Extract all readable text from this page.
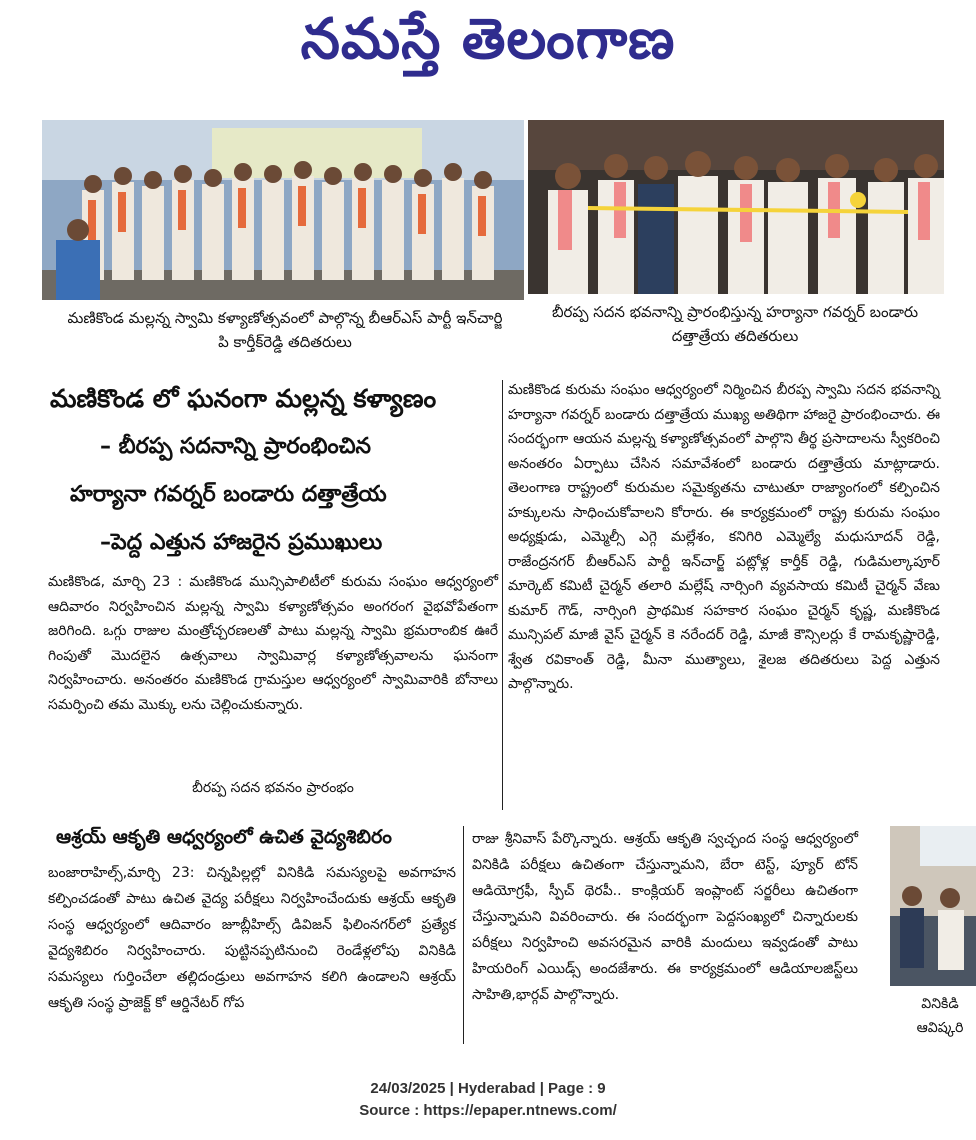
నమస్తే తెలంగాణ
మణికొండ మల్లన్న స్వామి కళ్యాణోత్సవంలో పాల్గొన్న బీఆర్ఎస్ పార్టీ ఇన్‌చార్జి పి కార్తీక్‌రెడ్డి తదితరులు
బీరప్ప సదన భవనాన్ని ప్రారంభిస్తున్న హర్యానా గవర్నర్ బండారు దత్తాత్రేయ తదితరులు
మణికొండ లో ఘనంగా మల్లన్న కళ్యాణం
– బీరప్ప సదనాన్ని ప్రారంభించిన
హర్యానా గవర్నర్ బండారు దత్తాత్రేయ
–పెద్ద ఎత్తున హాజరైన ప్రముఖులు
మణికొండ, మార్చి 23 : మణికొండ మున్సిపాలిటీలో కురుమ సంఘం ఆధ్వర్యంలో ఆదివారం నిర్వహించిన మల్లన్న స్వామి కళ్యాణోత్సవం అంగరంగ వైభవోపేతంగా జరిగింది. ఒగ్గు రాజుల మంత్రోచ్చరణలతో పాటు మల్లన్న స్వామి భ్రమరాంబిక ఊరే గింపుతో మొదలైన ఉత్సవాలు స్వామివార్ల కళ్యాణోత్సవాలను ఘనంగా నిర్వహించారు. అనంతరం మణికొండ గ్రామస్తుల ఆధ్వర్యంలో స్వామివారికి బోనాలు సమర్పించి తమ మొక్కు లను చెల్లించుకున్నారు.
బీరప్ప సదన భవనం ప్రారంభం
మణికొండ కురుమ సంఘం ఆధ్వర్యంలో నిర్మించిన బీరప్ప స్వామి సదన భవనాన్ని హర్యానా గవర్నర్ బండారు దత్తాత్రేయ ముఖ్య అతిథిగా హాజరై ప్రారంభించారు. ఈ సందర్భంగా ఆయన మల్లన్న కళ్యాణోత్సవంలో పాల్గొని తీర్థ ప్రసాదాలను స్వీకరించి అనంతరం ఏర్పాటు చేసిన సమావేశంలో బండారు దత్తాత్రేయ మాట్లాడారు. తెలంగాణ రాష్ట్రంలో కురుమల సమైక్యతను చాటుతూ రాజ్యాంగంలో కల్పించిన హక్కులను సాధించుకోవాలని కోరారు. ఈ కార్యక్రమంలో రాష్ట్ర కురుమ సంఘం అధ్యక్షుడు, ఎమ్మెల్సీ ఎగ్గె మల్లేశం, కనిగిరి ఎమ్మెల్యే మధుసూదన్ రెడ్డి, రాజేంద్రనగర్ బీఆర్ఎస్ పార్టీ ఇన్‌చార్జ్ పట్లోళ్ల కార్తీక్ రెడ్డి, గుడిమల్కాపూర్ మార్కెట్ కమిటీ చైర్మన్ తలారి మల్లేష్ నార్సింగి వ్యవసాయ కమిటీ చైర్మన్ వేణు కుమార్ గౌడ్, నార్సింగి ప్రాథమిక సహకార సంఘం చైర్మన్ కృష్ణ, మణికొండ మున్సిపల్ మాజీ వైస్ చైర్మన్ కె నరేందర్ రెడ్డి, మాజీ కౌన్సిలర్లు కే రామకృష్ణారెడ్డి, శ్వేత రవికాంత్ రెడ్డి, మీనా ముత్యాలు, శైలజ తదితరులు పెద్ద ఎత్తున పాల్గొన్నారు.
ఆశ్రయ్ ఆకృతి ఆధ్వర్యంలో ఉచిత వైద్యశిబిరం
బంజారాహిల్స్,మార్చి 23: చిన్నపిల్లల్లో వినికిడి సమస్యలపై అవగాహన కల్పించడంతో పాటు ఉచిత వైద్య పరీక్షలు నిర్వహించేందుకు ఆశ్రయ్ ఆకృతి సంస్థ ఆధ్వర్యంలో ఆదివారం జూబ్లీహిల్స్ డివిజన్ ఫిలింనగర్‌లో ప్రత్యేక వైద్యశిబిరం నిర్వహించారు. పుట్టినప్పటినుంచి రెండేళ్లలోపు వినికిడి సమస్యలు గుర్తించేలా తల్లిదండ్రులు అవగాహన కలిగి ఉండాలని ఆశ్రయ్ ఆకృతి సంస్థ ప్రాజెక్ట్ కో ఆర్డినేటర్ గోప
రాజు శ్రీనివాస్ పేర్కొన్నారు. ఆశ్రయ్ ఆకృతి స్వచ్ఛంద సంస్థ ఆధ్వర్యంలో వినికిడి పరీక్షలు ఉచితంగా చేస్తున్నామని, బేరా టెస్ట్, ప్యూర్ టోన్ ఆడియోగ్రఫీ, స్పీచ్ థెరపీ.. కాంక్లియర్ ఇంప్లాంట్ సర్జరీలు ఉచితంగా చేస్తున్నామని వివరించారు. ఈ సందర్భంగా పెద్దసంఖ్యలో చిన్నారులకు పరీక్షలు నిర్వహించి అవసరమైన వారికి మందులు ఇవ్వడంతో పాటు హియరింగ్ ఎయిడ్స్ అందజేశారు. ఈ కార్యక్రమంలో ఆడియాలజిస్ట్‌లు సాహితి,భార్గవ్ పాల్గొన్నారు.
వినికిడి ఆవిష్కరి
24/03/2025 | Hyderabad | Page : 9
Source : https://epaper.ntnews.com/
